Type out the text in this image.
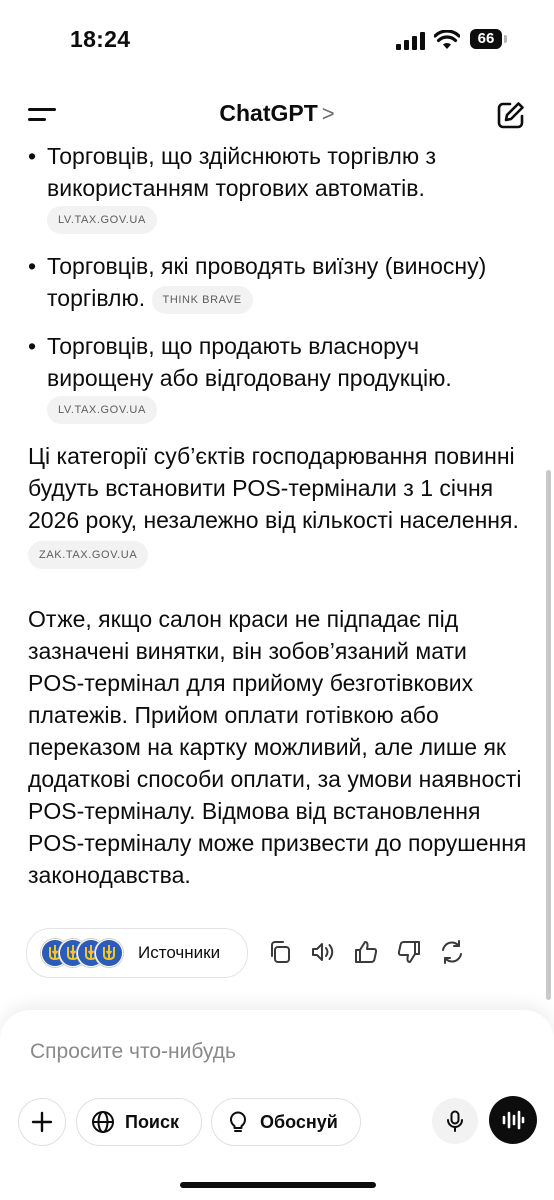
18:24	66
ChatGPT >
• Торговців, що здійснюють торгівлю з використанням торгових автоматів.
LV.TAX.GOV.UA
• Торговців, які проводять виїзну (виносну) торгівлю. THINK BRAVE
• Торговців, що продають власноруч вирощену або відгодовану продукцію.
LV.TAX.GOV.UA

Ці категорії суб’єктів господарювання повинні будуть встановити POS-термінали з 1 січня 2026 року, незалежно від кількості населення. ZAK.TAX.GOV.UA

Отже, якщо салон краси не підпадає під зазначені винятки, він зобов’язаний мати POS-термінал для прийому безготівкових платежів. Прийом оплати готівкою або переказом на картку можливий, але лише як додаткові способи оплати, за умови наявності POS-терміналу. Відмова від встановлення POS-терміналу може призвести до порушення законодавства.

Источники
Спросите что-нибудь
Поиск	Обоснуй
